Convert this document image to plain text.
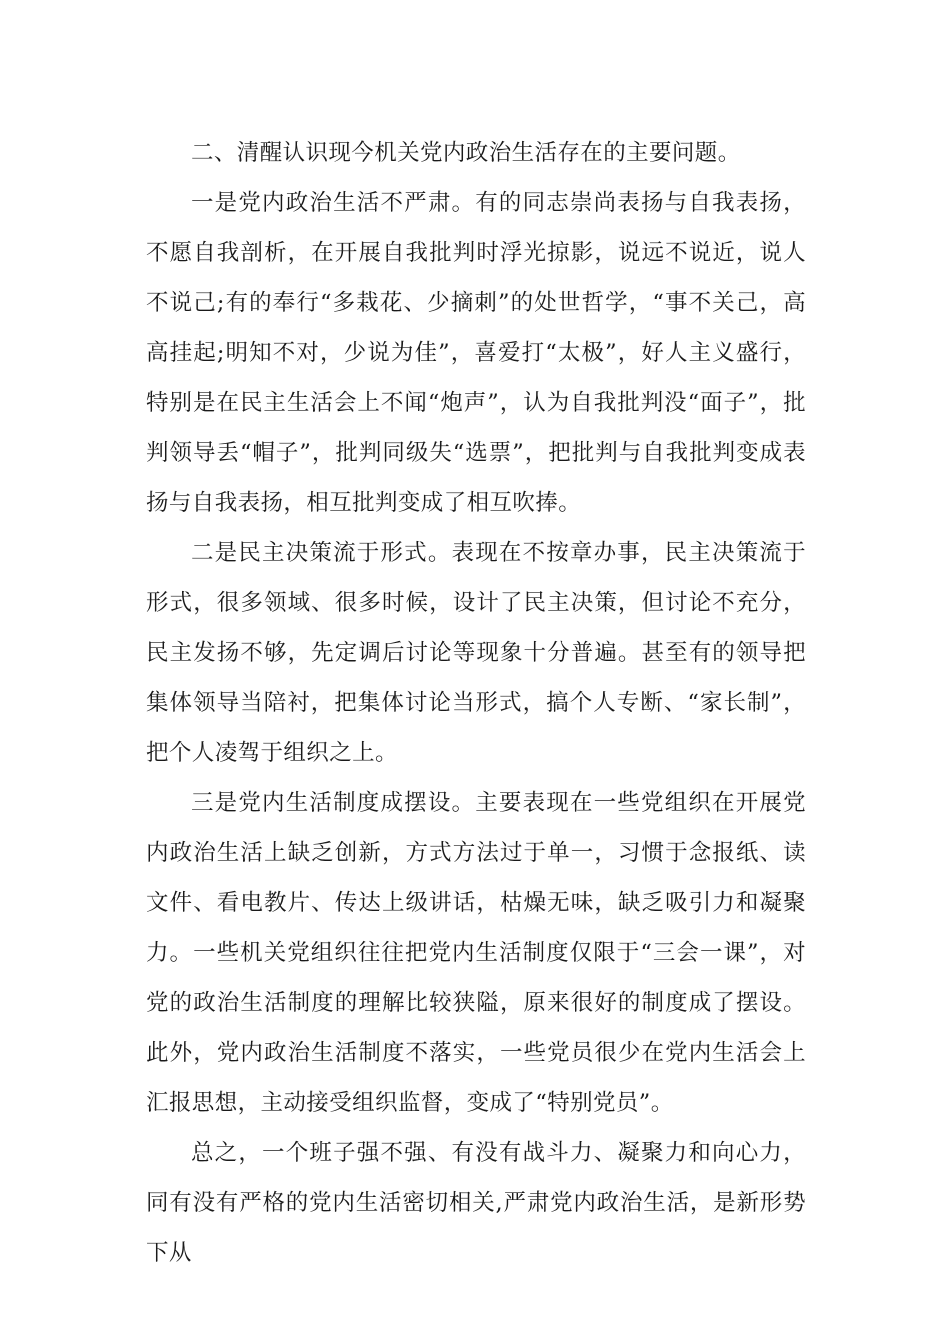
二、清醒认识现今机关党内政治生活存在的主要问题。

一是党内政治生活不严肃。有的同志崇尚表扬与自我表扬，不愿自我剖析，在开展自我批判时浮光掠影，说远不说近，说人不说己;有的奉行“多栽花、少摘刺”的处世哲学，“事不关己，高高挂起;明知不对，少说为佳”，喜爱打“太极”，好人主义盛行，特别是在民主生活会上不闻“炮声”，认为自我批判没“面子”，批判领导丢“帽子”，批判同级失“选票”，把批判与自我批判变成表扬与自我表扬，相互批判变成了相互吹捧。

二是民主决策流于形式。表现在不按章办事，民主决策流于形式，很多领域、很多时候，设计了民主决策，但讨论不充分，民主发扬不够，先定调后讨论等现象十分普遍。甚至有的领导把集体领导当陪衬，把集体讨论当形式，搞个人专断、“家长制”，把个人凌驾于组织之上。

三是党内生活制度成摆设。主要表现在一些党组织在开展党内政治生活上缺乏创新，方式方法过于单一，习惯于念报纸、读文件、看电教片、传达上级讲话，枯燥无味，缺乏吸引力和凝聚力。一些机关党组织往往把党内生活制度仅限于“三会一课”，对党的政治生活制度的理解比较狭隘，原来很好的制度成了摆设。此外，党内政治生活制度不落实，一些党员很少在党内生活会上汇报思想，主动接受组织监督，变成了“特别党员”。

总之，一个班子强不强、有没有战斗力、凝聚力和向心力，同有没有严格的党内生活密切相关,严肃党内政治生活，是新形势下从
